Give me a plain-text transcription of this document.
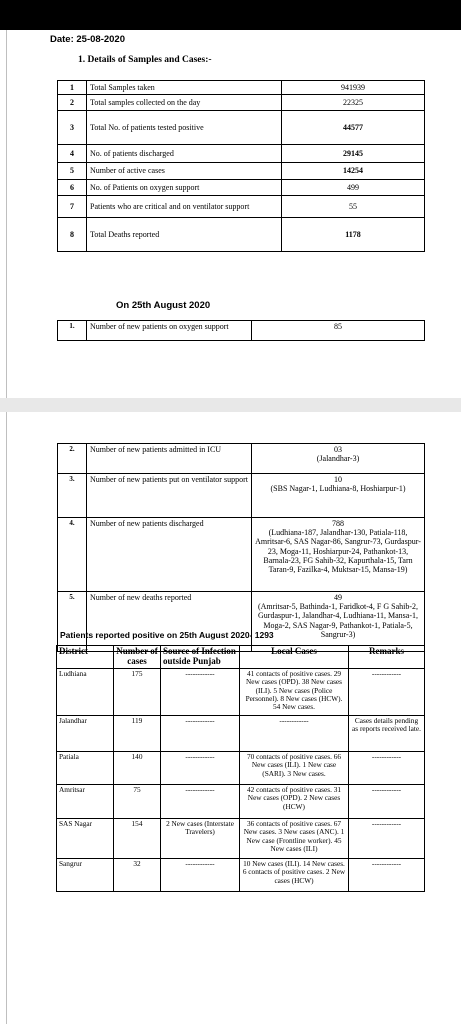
Date: 25-08-2020
1. Details of Samples and Cases:-
1	Total Samples taken	941939
2	Total samples collected on the day	22325
3	Total No. of patients tested positive	44577
4	No. of patients discharged	29145
5	Number of active cases	14254
6	No. of Patients on oxygen support	499
7	Patients who are critical and on ventilator support	55
8	Total Deaths reported	1178
On 25th August 2020
1.	Number of new patients on oxygen support	85
2.	Number of new patients admitted in ICU	03
(Jalandhar-3)

3.	Number of new patients put on ventilator support	10
(SBS Nagar-1, Ludhiana-8, Hoshiarpur-1)

4.	Number of new patients discharged	788
(Ludhiana-187, Jalandhar-130, Patiala-118, Amritsar-6, SAS Nagar-86, Sangrur-73, Gurdaspur-23, Moga-11, Hoshiarpur-24, Pathankot-13, Barnala-23, FG Sahib-32, Kapurthala-15, Tarn Taran-9, Fazilka-4, Muktsar-15, Mansa-19)

5.	Number of new deaths reported	49
(Amritsar-5, Bathinda-1, Faridkot-4, F G Sahib-2, Gurdaspur-1, Jalandhar-4, Ludhiana-11, Mansa-1, Moga-2, SAS Nagar-9, Pathankot-1, Patiala-5, Sangrur-3)
Patients reported positive on 25th August 2020- 1293
District	Number of cases	Source of Infection outside Punjab	Local Cases	Remarks
Ludhiana	175	------------	41 contacts of positive cases. 29 New cases (OPD). 38 New cases (ILI). 5 New cases (Police Personnel). 8 New cases (HCW). 54 New cases.	------------
Jalandhar	119	------------	------------	Cases details pending as reports received late.
Patiala	140	------------	70 contacts of positive cases. 66 New cases (ILI). 1 New case (SARI). 3 New cases.	------------
Amritsar	75	------------	42 contacts of positive cases. 31 New cases (OPD). 2 New cases (HCW)	------------
SAS Nagar	154	2 New cases (Interstate Travelers)	36 contacts of positive cases. 67 New cases. 3 New cases (ANC). 1 New case (Frontline worker). 45 New cases (ILI)	------------
Sangrur	32	------------	10 New cases (ILI). 14 New cases. 6 contacts of positive cases. 2 New cases (HCW)	------------
